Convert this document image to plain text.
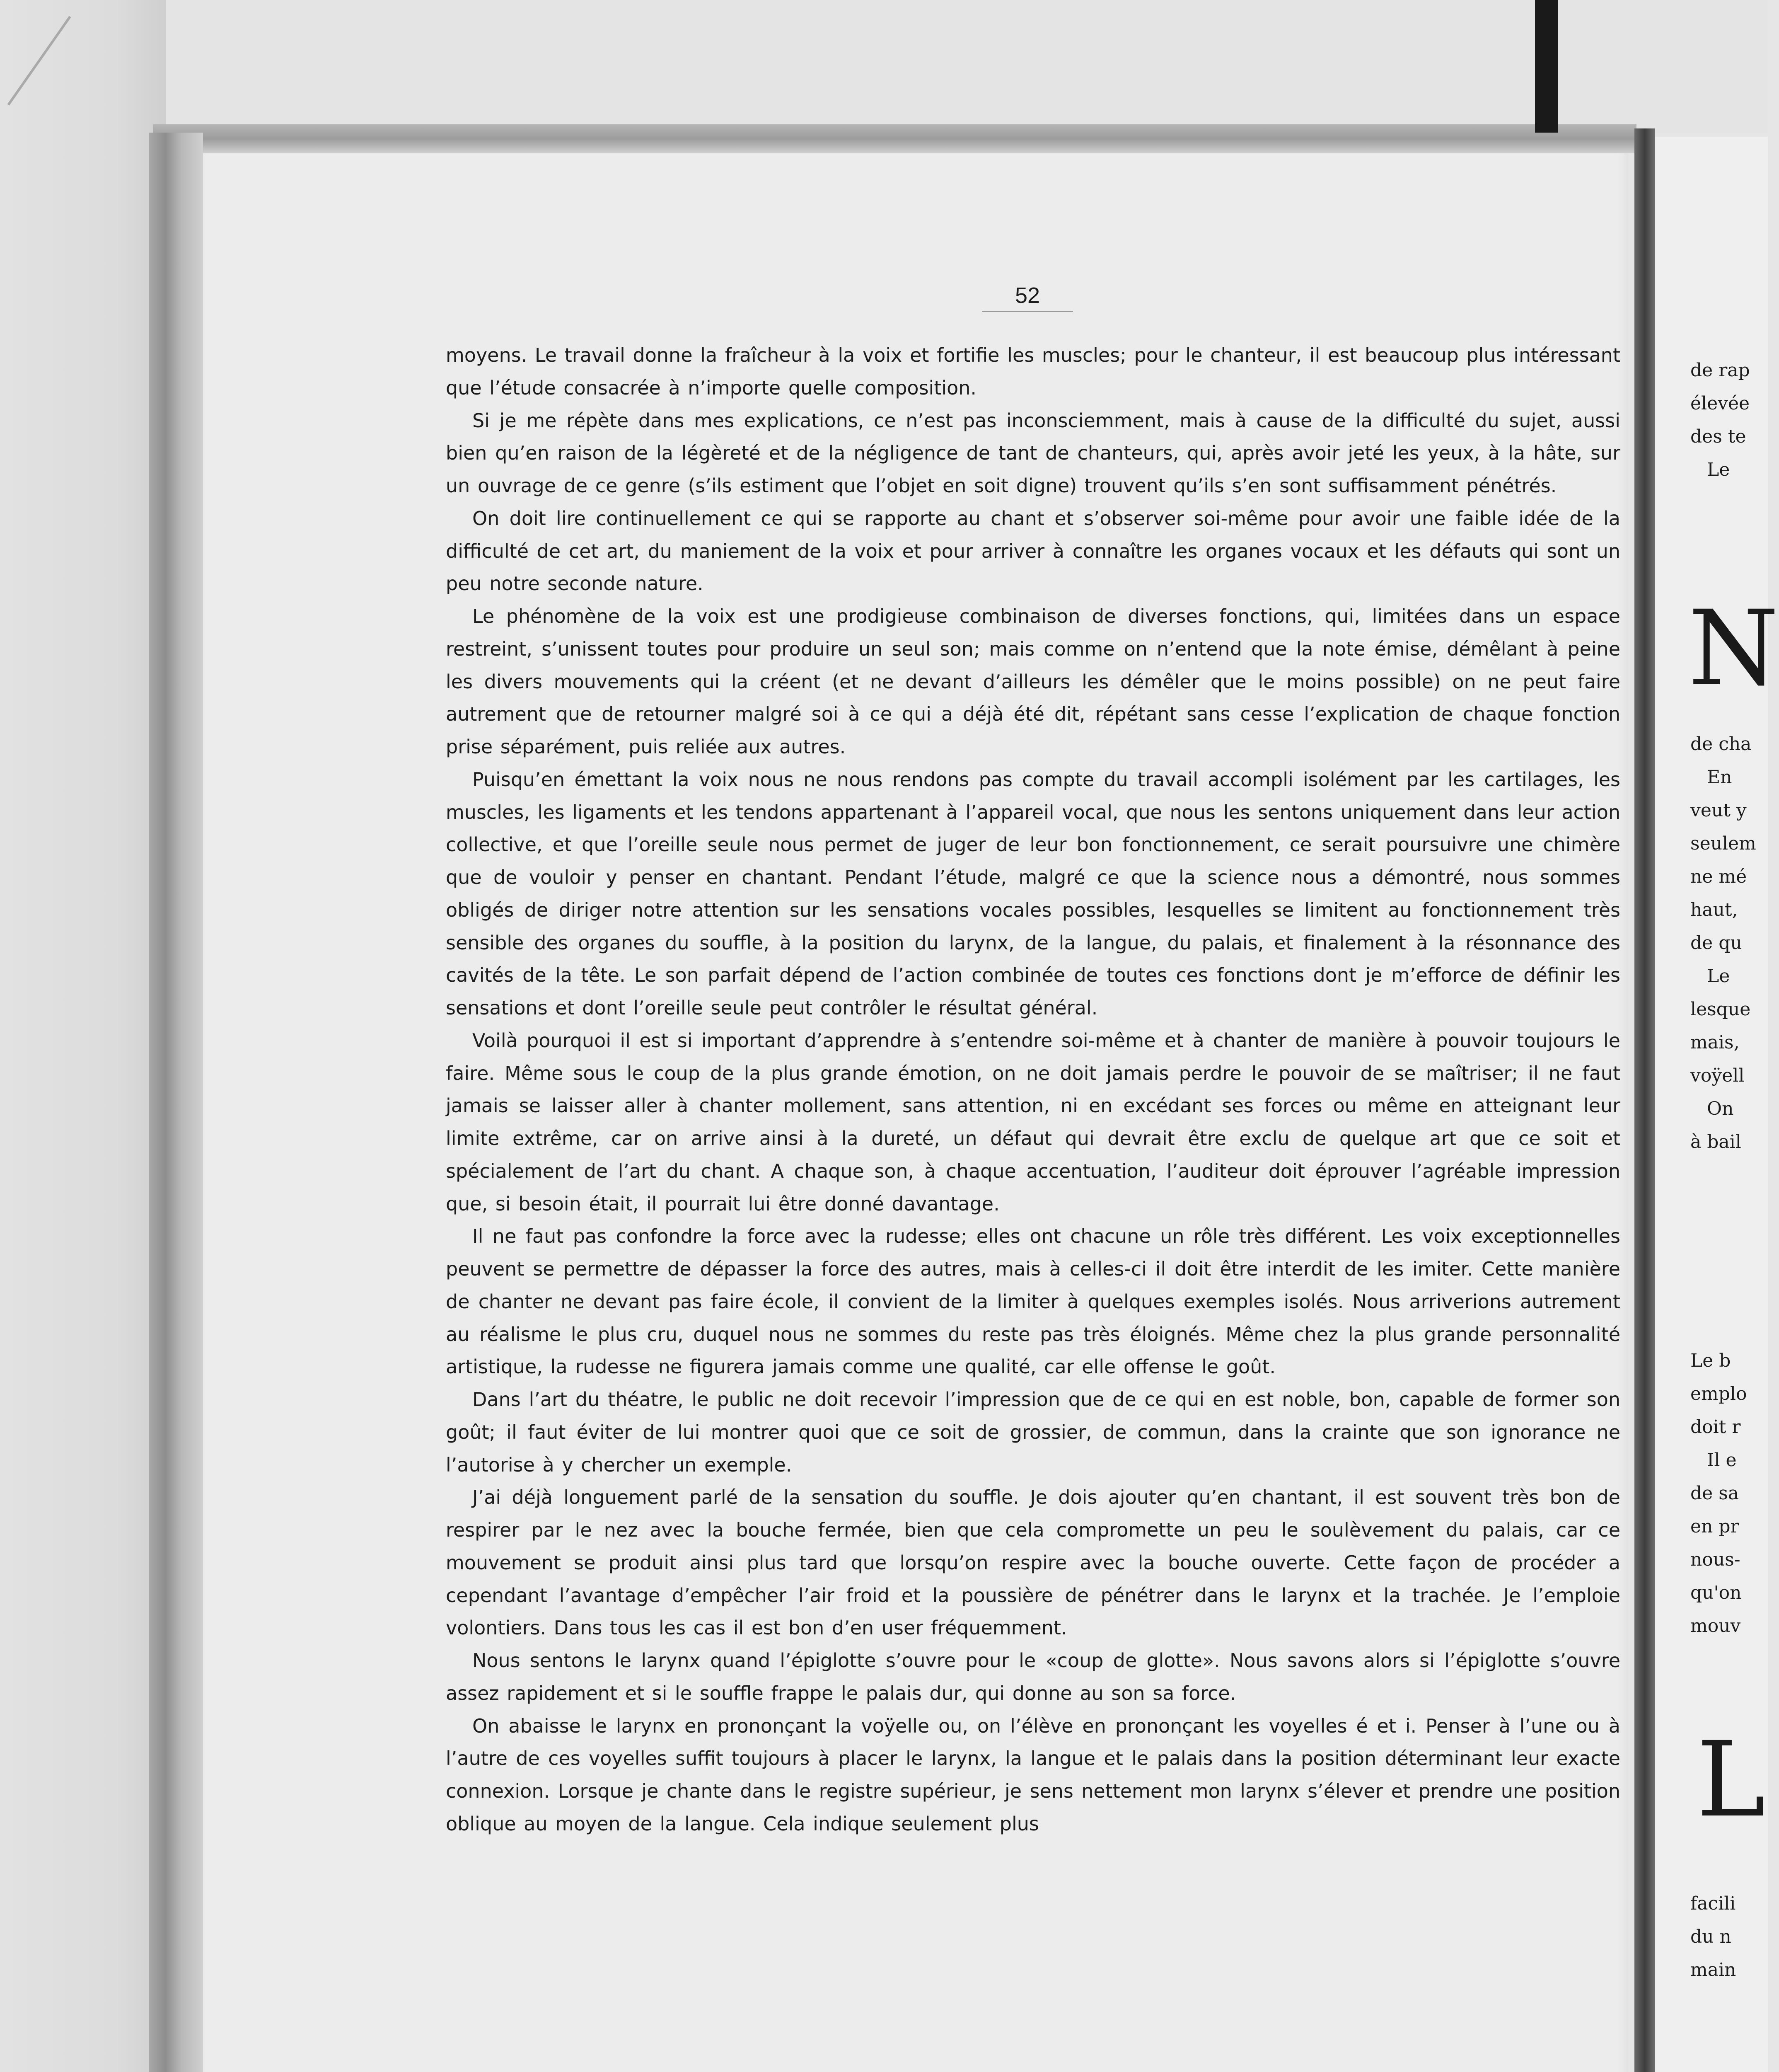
52

moyens. Le travail donne la fraîcheur à la voix et fortifie les muscles; pour le chanteur, il est beaucoup plus intéressant que l’étude consacrée à n’importe quelle composition.

Si je me répète dans mes explications, ce n’est pas inconsciemment, mais à cause de la difficulté du sujet, aussi bien qu’en raison de la légèreté et de la négligence de tant de chanteurs, qui, après avoir jeté les yeux, à la hâte, sur un ouvrage de ce genre (s’ils estiment que l’objet en soit digne) trouvent qu’ils s’en sont suffisamment pénétrés.

On doit lire continuellement ce qui se rapporte au chant et s’observer soi-même pour avoir une faible idée de la difficulté de cet art, du maniement de la voix et pour arriver à connaître les organes vocaux et les défauts qui sont un peu notre seconde nature.

Le phénomène de la voix est une prodigieuse combinaison de diverses fonctions, qui, limitées dans un espace restreint, s’unissent toutes pour produire un seul son; mais comme on n’entend que la note émise, démêlant à peine les divers mouvements qui la créent (et ne devant d’ailleurs les démêler que le moins possible) on ne peut faire autrement que de retourner malgré soi à ce qui a déjà été dit, répétant sans cesse l’explication de chaque fonction prise séparément, puis reliée aux autres.

Puisqu’en émettant la voix nous ne nous rendons pas compte du travail accompli isolément par les cartilages, les muscles, les ligaments et les tendons appartenant à l’appareil vocal, que nous les sentons uniquement dans leur action collective, et que l’oreille seule nous permet de juger de leur bon fonctionnement, ce serait poursuivre une chimère que de vouloir y penser en chantant. Pendant l’étude, malgré ce que la science nous a démontré, nous sommes obligés de diriger notre attention sur les sensations vocales possibles, lesquelles se limitent au fonctionnement très sensible des organes du souffle, à la position du larynx, de la langue, du palais, et finalement à la résonnance des cavités de la tête. Le son parfait dépend de l’action combinée de toutes ces fonctions dont je m’efforce de définir les sensations et dont l’oreille seule peut contrôler le résultat général.

Voilà pourquoi il est si important d’apprendre à s’entendre soi-même et à chanter de manière à pouvoir toujours le faire. Même sous le coup de la plus grande émotion, on ne doit jamais perdre le pouvoir de se maîtriser; il ne faut jamais se laisser aller à chanter mollement, sans attention, ni en excédant ses forces ou même en atteignant leur limite extrême, car on arrive ainsi à la dureté, un défaut qui devrait être exclu de quelque art que ce soit et spécialement de l’art du chant. A chaque son, à chaque accentuation, l’auditeur doit éprouver l’agréable impression que, si besoin était, il pourrait lui être donné davantage.

Il ne faut pas confondre la force avec la rudesse; elles ont chacune un rôle très différent. Les voix exceptionnelles peuvent se permettre de dépasser la force des autres, mais à celles-ci il doit être interdit de les imiter. Cette manière de chanter ne devant pas faire école, il convient de la limiter à quelques exemples isolés. Nous arriverions autrement au réalisme le plus cru, duquel nous ne sommes du reste pas très éloignés. Même chez la plus grande personnalité artistique, la rudesse ne figurera jamais comme une qualité, car elle offense le goût.

Dans l’art du théatre, le public ne doit recevoir l’impression que de ce qui en est noble, bon, capable de former son goût; il faut éviter de lui montrer quoi que ce soit de grossier, de commun, dans la crainte que son ignorance ne l’autorise à y chercher un exemple.

J’ai déjà longuement parlé de la sensation du souffle. Je dois ajouter qu’en chantant, il est souvent très bon de respirer par le nez avec la bouche fermée, bien que cela compromette un peu le soulèvement du palais, car ce mouvement se produit ainsi plus tard que lorsqu’on respire avec la bouche ouverte. Cette façon de procéder a cependant l’avantage d’empêcher l’air froid et la poussière de pénétrer dans le larynx et la trachée. Je l’emploie volontiers. Dans tous les cas il est bon d’en user fréquemment.

Nous sentons le larynx quand l’épiglotte s’ouvre pour le «coup de glotte». Nous savons alors si l’épiglotte s’ouvre assez rapidement et si le souffle frappe le palais dur, qui donne au son sa force.

On abaisse le larynx en prononçant la voÿelle ou, on l’élève en prononçant les voyelles é et i. Penser à l’une ou à l’autre de ces voyelles suffit toujours à placer le larynx, la langue et le palais dans la position déterminant leur exacte connexion. Lorsque je chante dans le registre supérieur, je sens nettement mon larynx s’élever et prendre une position oblique au moyen de la langue. Cela indique seulement plus

de rap
élevée
des te
Le
de cha
En
veut y
seulem
ne mé
haut,
de qu
Le
lesque
mais,
voÿell
On
à bail
Le b
emplo
doit r
Il e
de sa
en pr
nous-
qu'on
mouv
facili
du n
main
N
L
